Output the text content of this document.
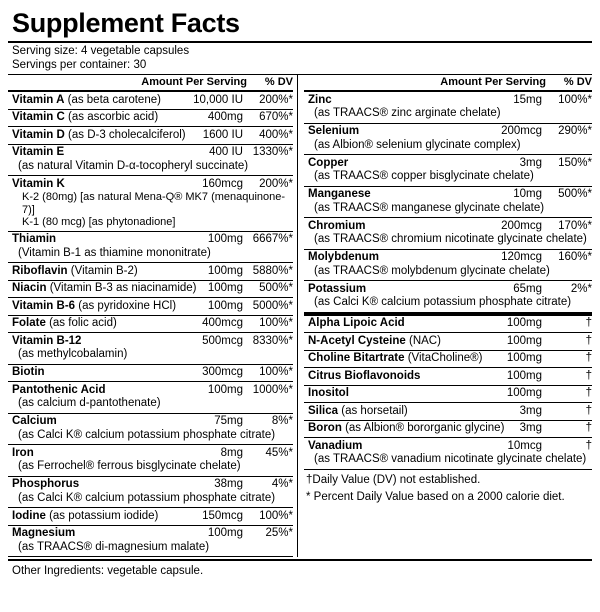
Supplement Facts
Serving size: 4 vegetable capsules
Servings per container: 30
Amount Per Serving	% DV
Vitamin A (as beta carotene)	10,000 IU	200%*
Vitamin C (as ascorbic acid)	400mg	670%*
Vitamin D (as D-3 cholecalciferol)	1600 IU	400%*
Vitamin E	400 IU 1330%*
(as natural Vitamin D-α-tocopheryl succinate)
Vitamin K	160mcg	200%*
K-2 (80mg) [as natural Mena-Q® MK7 (menaquinone-7)]
K-1 (80 mcg) [as phytonadione]
Thiamin	100mg 6667%*
(Vitamin B-1 as thiamine mononitrate)
Riboflavin (Vitamin B-2)	100mg 5880%*
Niacin (Vitamin B-3 as niacinamide) 100mg	500%*
Vitamin B-6 (as pyridoxine HCl)	100mg 5000%*
Folate (as folic acid)	400mcg	100%*
Vitamin B-12	500mcg 8330%*
(as methylcobalamin)
Biotin	300mcg	100%*
Pantothenic Acid	100mg 1000%*
(as calcium d-pantothenate)
Calcium	75mg	8%*
(as Calci K® calcium potassium phosphate citrate)
Iron	8mg	45%*
(as Ferrochel® ferrous bisglycinate chelate)
Phosphorus	38mg	4%*
(as Calci K® calcium potassium phosphate citrate)
Iodine (as potassium iodide)	150mcg	100%*
Magnesium	100mg	25%*
(as TRAACS® di-magnesium malate)
Amount Per Serving	% DV
Zinc	15mg	100%*
(as TRAACS® zinc arginate chelate)
Selenium	200mcg	290%*
(as Albion® selenium glycinate complex)
Copper	3mg	150%*
(as TRAACS® copper bisglycinate chelate)
Manganese	10mg	500%*
(as TRAACS® manganese glycinate chelate)
Chromium	200mcg	170%*
(as TRAACS® chromium nicotinate glycinate chelate)
Molybdenum	120mcg	160%*
(as TRAACS® molybdenum glycinate chelate)
Potassium	65mg	2%*
(as Calci K® calcium potassium phosphate citrate)
Alpha Lipoic Acid	100mg	†
N-Acetyl Cysteine (NAC)	100mg	†
Choline Bitartrate (VitaCholine®)	100mg	†
Citrus Bioflavonoids	100mg	†
Inositol	100mg	†
Silica (as horsetail)	3mg	†
Boron (as Albion® bororganic glycine)	3mg	†
Vanadium	10mcg	†
(as TRAACS® vanadium nicotinate glycinate chelate)
†Daily Value (DV) not established.
* Percent Daily Value based on a 2000 calorie diet.
Other Ingredients: vegetable capsule.
